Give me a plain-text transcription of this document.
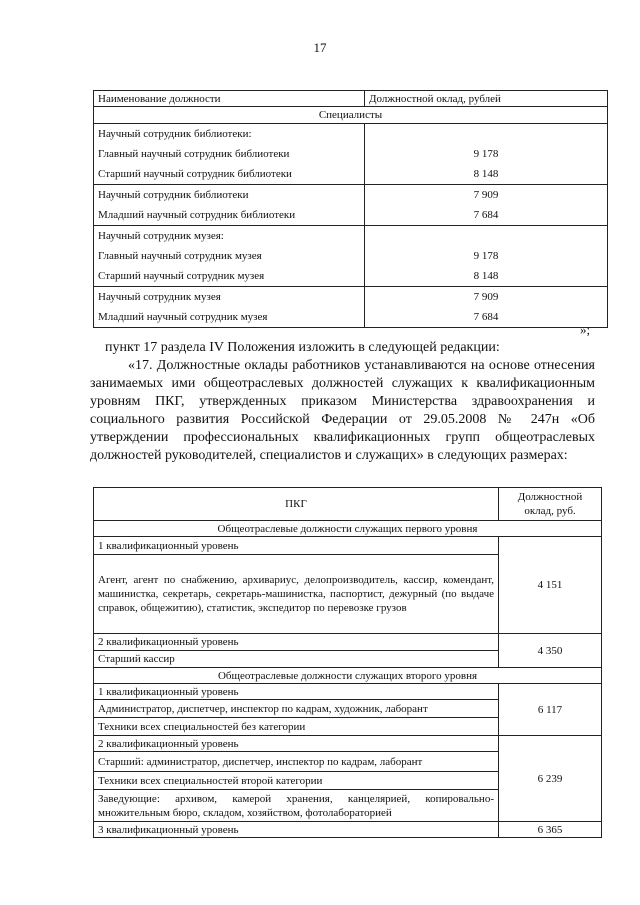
17
Наименование должности	Должностной оклад, рублей
Специалисты	
Научный сотрудник библиотеки:	
Главный научный сотрудник библиотеки	9 178
Старший научный сотрудник библиотеки	8 148
Научный сотрудник библиотеки	7 909
Младший научный сотрудник библиотеки	7 684
Научный сотрудник музея:	
Главный научный сотрудник музея	9 178
Старший научный сотрудник музея	8 148
Научный сотрудник музея	7 909
Младший научный сотрудник музея	7 684
»;
пункт 17 раздела IV Положения изложить в следующей редакции:
«17. Должностные оклады работников устанавливаются на основе отнесения занимаемых ими общеотраслевых должностей служащих к квалификационным уровням ПКГ, утвержденных приказом Министерства здравоохранения и социального развития Российской Федерации от 29.05.2008 № 247н «Об утверждении профессиональных квалификационных групп общеотраслевых должностей руководителей, специалистов и служащих» в следующих размерах:
ПКГ	Должностной оклад, руб.
Общеотраслевые должности служащих первого уровня	
1 квалификационный уровень	4 151
Агент, агент по снабжению, архивариус, делопроизводитель, кассир, комендант, машинистка, секретарь, секретарь-машинистка, паспортист, дежурный (по выдаче справок, общежитию), статистик, экспедитор по перевозке грузов	
2 квалификационный уровень	4 350
Старший кассир	
Общеотраслевые должности служащих второго уровня	
1 квалификационный уровень	6 117
Администратор, диспетчер, инспектор по кадрам, художник, лаборант	
Техники всех специальностей без категории	
2 квалификационный уровень	6 239
Старший: администратор, диспетчер, инспектор по кадрам, лаборант	
Техники всех специальностей второй категории	
Заведующие: архивом, камерой хранения, канцелярией, копировально-множительным бюро, складом, хозяйством, фотолабораторией	
3 квалификационный уровень	6 365
